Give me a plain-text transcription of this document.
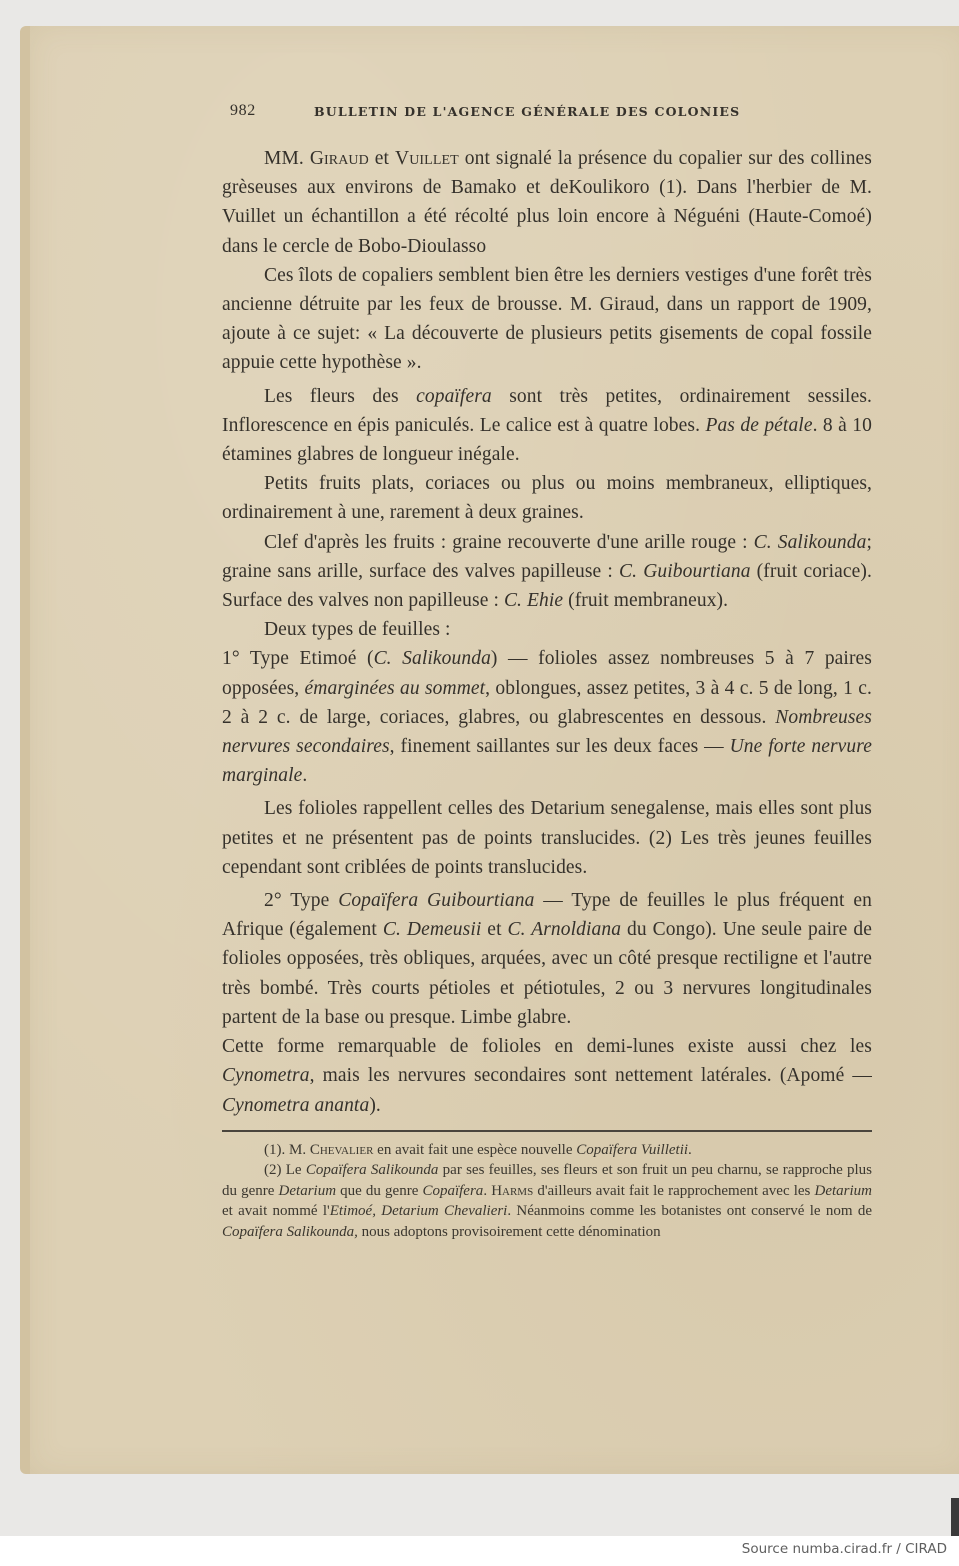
982	BULLETIN DE L'AGENCE GÉNÉRALE DES COLONIES

MM. Giraud et Vuillet ont signalé la présence du copalier sur des collines grèseuses aux environs de Bamako et deKoulikoro (1). Dans l'herbier de M. Vuillet un échantillon a été récolté plus loin encore à Néguéni (Haute-Comoé) dans le cercle de Bobo-Dioulasso

Ces îlots de copaliers semblent bien être les derniers vestiges d'une forêt très ancienne détruite par les feux de brousse. M. Giraud, dans un rapport de 1909, ajoute à ce sujet: « La découverte de plusieurs petits gisements de copal fossile appuie cette hypothèse ».

Les fleurs des copaïfera sont très petites, ordinairement sessiles. Inflorescence en épis paniculés. Le calice est à quatre lobes. Pas de pétale. 8 à 10 étamines glabres de longueur inégale.

Petits fruits plats, coriaces ou plus ou moins membraneux, elliptiques, ordinairement à une, rarement à deux graines.

Clef d'après les fruits : graine recouverte d'une arille rouge : C. Salikounda; graine sans arille, surface des valves papilleuse : C. Guibourtiana (fruit coriace). Surface des valves non papilleuse : C. Ehie (fruit membraneux).

Deux types de feuilles :

1° Type Etimoé (C. Salikounda) — folioles assez nombreuses 5 à 7 paires opposées, émarginées au sommet, oblongues, assez petites, 3 à 4 c. 5 de long, 1 c. 2 à 2 c. de large, coriaces, glabres, ou glabrescentes en dessous. Nombreuses nervures secondaires, finement saillantes sur les deux faces — Une forte nervure marginale.

Les folioles rappellent celles des Detarium senegalense, mais elles sont plus petites et ne présentent pas de points translucides. (2) Les très jeunes feuilles cependant sont criblées de points translucides.

2° Type Copaïfera Guibourtiana — Type de feuilles le plus fréquent en Afrique (également C. Demeusii et C. Arnoldiana du Congo). Une seule paire de folioles opposées, très obliques, arquées, avec un côté presque rectiligne et l'autre très bombé. Très courts pétioles et pétiotules, 2 ou 3 nervures longitudinales partent de la base ou presque. Limbe glabre.

Cette forme remarquable de folioles en demi-lunes existe aussi chez les Cynometra, mais les nervures secondaires sont nettement latérales. (Apomé — Cynometra ananta).

(1). M. Chevalier en avait fait une espèce nouvelle Copaïfera Vuilletii.

(2) Le Copaïfera Salikounda par ses feuilles, ses fleurs et son fruit un peu charnu, se rapproche plus du genre Detarium que du genre Copaïfera. Harms d'ailleurs avait fait le rapprochement avec les Detarium et avait nommé l'Etimoé, Detarium Chevalieri. Néanmoins comme les botanistes ont conservé le nom de Copaïfera Salikounda, nous adoptons provisoirement cette dénomination

Source numba.cirad.fr / CIRAD
